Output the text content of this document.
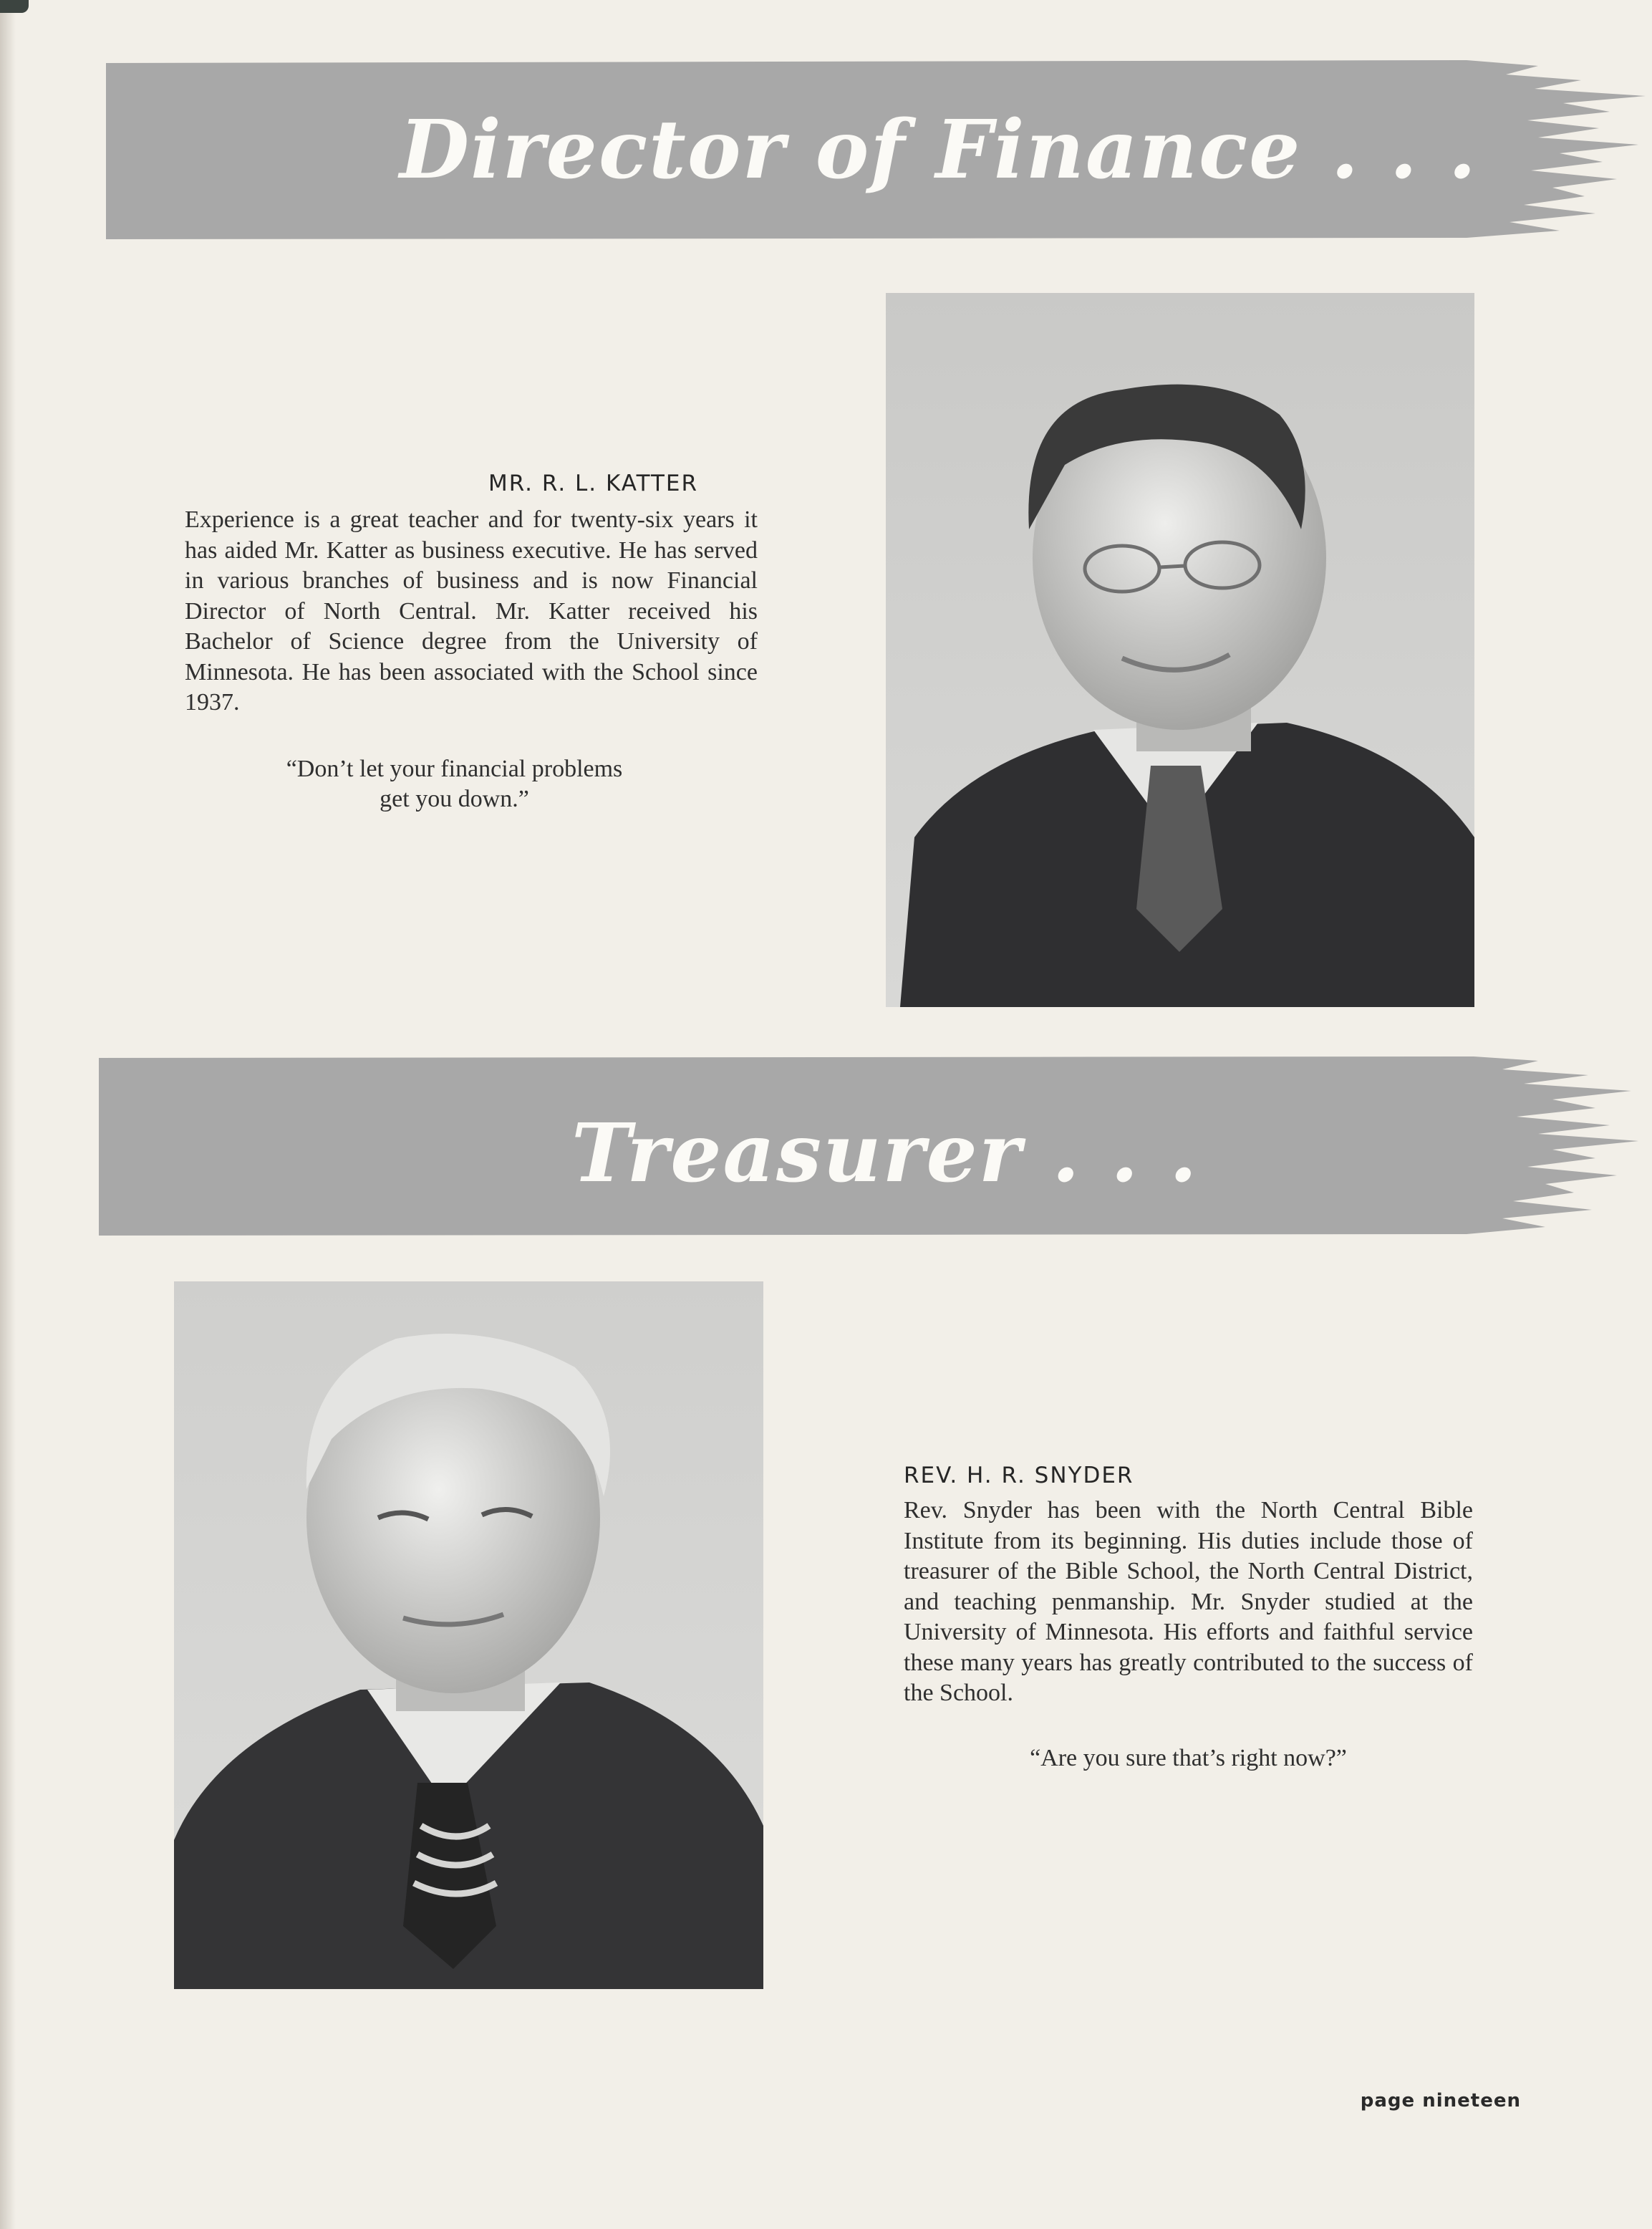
Director of Finance . . .
MR. R. L. KATTER

Experience is a great teacher and for twenty-six years it has aided Mr. Katter as business executive. He has served in various branches of business and is now Financial Director of North Central. Mr. Katter received his Bachelor of Science degree from the University of Minnesota. He has been associated with the School since 1937.

“Don’t let your financial problems

get you down.”

Treasurer . . .
REV. H. R. SNYDER

Rev. Snyder has been with the North Central Bible Institute from its beginning. His duties include those of treasurer of the Bible School, the North Central District, and teaching penmanship. Mr. Snyder studied at the University of Minnesota. His efforts and faithful service these many years has greatly contributed to the success of the School.

“Are you sure that’s right now?”

page nineteen
